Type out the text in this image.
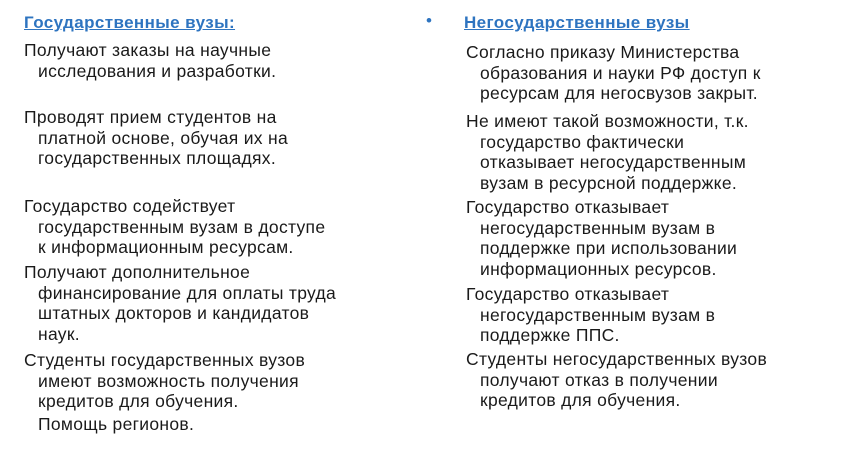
Государственные вузы:
Получают заказы на научные
исследования и разработки.
Проводят прием студентов на
платной основе, обучая их на
государственных площадях.
Государство содействует
государственным вузам в доступе
к информационным ресурсам.
Получают дополнительное
финансирование для оплаты труда
штатных докторов и кандидатов
наук.
Студенты государственных вузов
имеют возможность получения
кредитов для обучения.
Помощь регионов.
• Негосударственные вузы
Согласно приказу Министерства
образования и науки РФ доступ к
ресурсам для негосвузов закрыт.
Не имеют такой возможности, т.к.
государство фактически
отказывает негосударственным
вузам в ресурсной поддержке.
Государство отказывает
негосударственным вузам в
поддержке при использовании
информационных ресурсов.
Государство отказывает
негосударственным вузам в
поддержке ППС.
Студенты негосударственных вузов
получают отказ в получении
кредитов для обучения.
